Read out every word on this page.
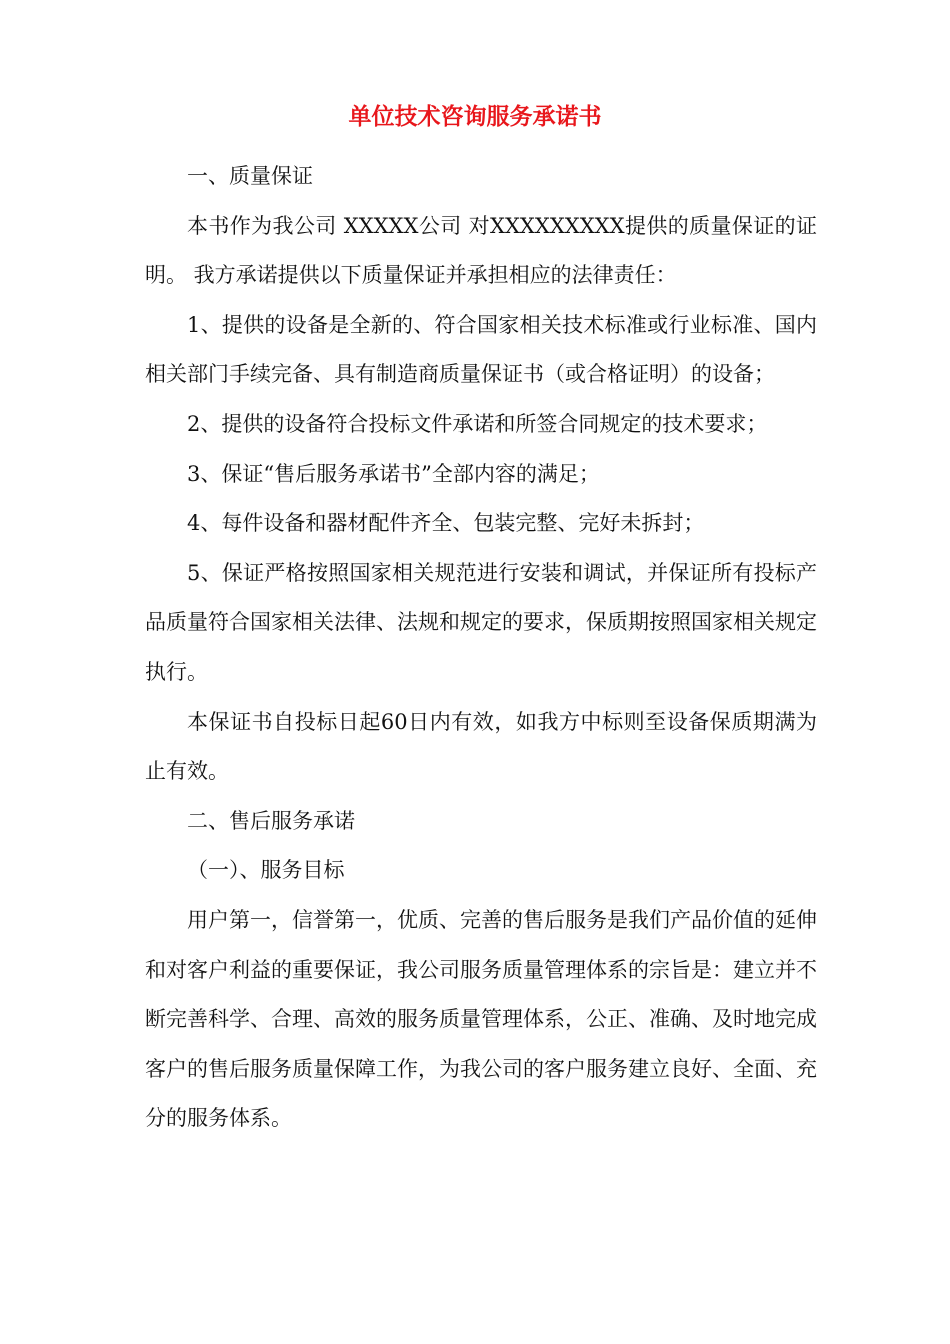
单位技术咨询服务承诺书

一、质量保证

本书作为我公司 XXXXX公司 对XXXXXXXXX提供的质量保证的证明。 我方承诺提供以下质量保证并承担相应的法律责任：

1、提供的设备是全新的、符合国家相关技术标准或行业标准、国内相关部门手续完备、具有制造商质量保证书（或合格证明）的设备；

2、提供的设备符合投标文件承诺和所签合同规定的技术要求；

3、保证“售后服务承诺书”全部内容的满足；

4、每件设备和器材配件齐全、包装完整、完好未拆封；

5、保证严格按照国家相关规范进行安装和调试，并保证所有投标产品质量符合国家相关法律、法规和规定的要求，保质期按照国家相关规定执行。

本保证书自投标日起60日内有效，如我方中标则至设备保质期满为止有效。

二、售后服务承诺

（一）、服务目标

用户第一，信誉第一，优质、完善的售后服务是我们产品价值的延伸和对客户利益的重要保证，我公司服务质量管理体系的宗旨是：建立并不断完善科学、合理、高效的服务质量管理体系，公正、准确、及时地完成客户的售后服务质量保障工作，为我公司的客户服务建立良好、全面、充分的服务体系。
